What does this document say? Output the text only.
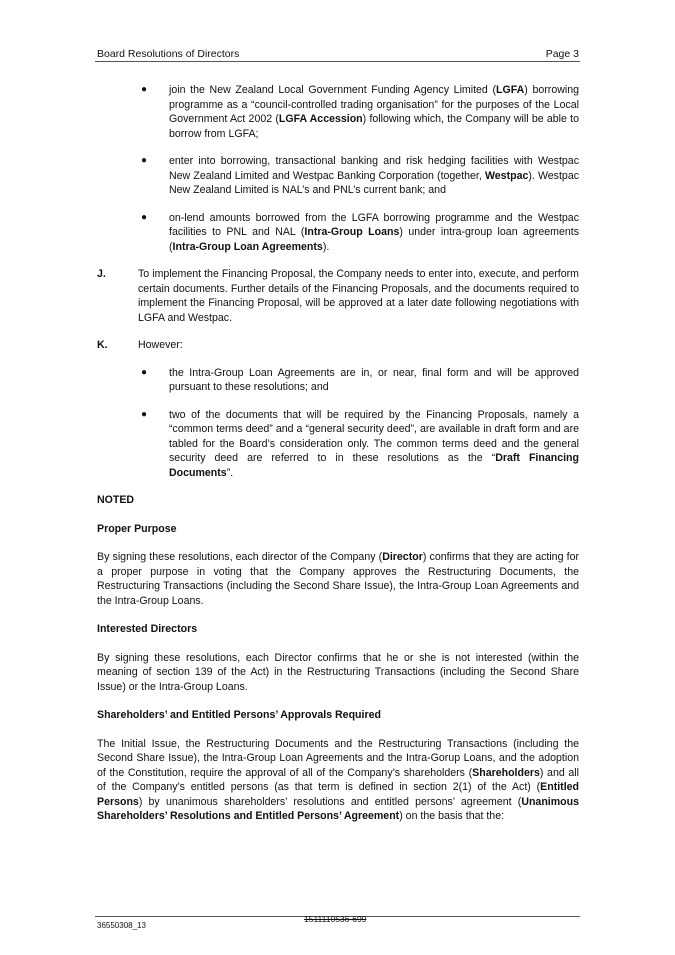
Board Resolutions of Directors	Page 3
●	join the New Zealand Local Government Funding Agency Limited (LGFA) borrowing programme as a “council-controlled trading organisation” for the purposes of the Local Government Act 2002 (LGFA Accession) following which, the Company will be able to borrow from LGFA;
●	enter into borrowing, transactional banking and risk hedging facilities with Westpac New Zealand Limited and Westpac Banking Corporation (together, Westpac). Westpac New Zealand Limited is NAL’s and PNL’s current bank; and
●	on-lend amounts borrowed from the LGFA borrowing programme and the Westpac facilities to PNL and NAL (Intra-Group Loans) under intra-group loan agreements (Intra-Group Loan Agreements).
J.	To implement the Financing Proposal, the Company needs to enter into, execute, and perform certain documents. Further details of the Financing Proposals, and the documents required to implement the Financing Proposal, will be approved at a later date following negotiations with LGFA and Westpac.
K.	However:
●	the Intra-Group Loan Agreements are in, or near, final form and will be approved pursuant to these resolutions; and
●	two of the documents that will be required by the Financing Proposals, namely a “common terms deed” and a “general security deed”, are available in draft form and are tabled for the Board’s consideration only. The common terms deed and the general security deed are referred to in these resolutions as the “Draft Financing Documents”.
NOTED
Proper Purpose
By signing these resolutions, each director of the Company (Director) confirms that they are acting for a proper purpose in voting that the Company approves the Restructuring Documents, the Restructuring Transactions (including the Second Share Issue), the Intra-Group Loan Agreements and the Intra-Group Loans.
Interested Directors
By signing these resolutions, each Director confirms that he or she is not interested (within the meaning of section 139 of the Act) in the Restructuring Transactions (including the Second Share Issue) or the Intra-Group Loans.
Shareholders’ and Entitled Persons’ Approvals Required
The Initial Issue, the Restructuring Documents and the Restructuring Transactions (including the Second Share Issue), the Intra-Group Loan Agreements and the Intra-Gorup Loans, and the adoption of the Constitution, require the approval of all of the Company’s shareholders (Shareholders) and all of the Company’s entitled persons (as that term is defined in section 2(1) of the Act) (Entitled Persons) by unanimous shareholders’ resolutions and entitled persons’ agreement (Unanimous Shareholders’ Resolutions and Entitled Persons’ Agreement) on the basis that the:
36550308_13
1511110536-699
